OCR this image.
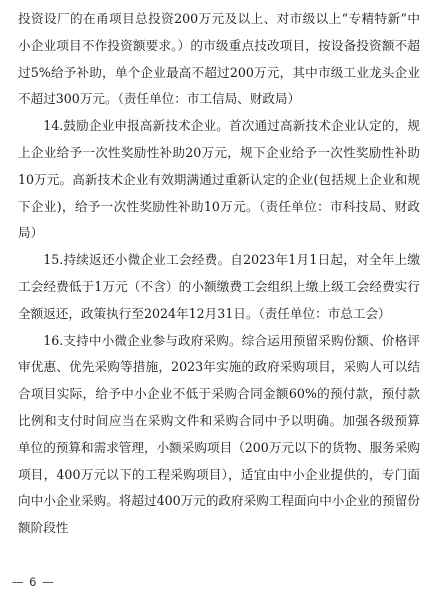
投资设厂的在甬项目总投资200万元及以上、对市级以上“专精特新”中小企业项目不作投资额要求。）的市级重点技改项目，按设备投资额不超过5%给予补助，单个企业最高不超过200万元，其中市级工业龙头企业不超过300万元。（责任单位：市工信局、财政局）

14.鼓励企业申报高新技术企业。首次通过高新技术企业认定的，规上企业给予一次性奖励性补助20万元，规下企业给予一次性奖励性补助10万元。高新技术企业有效期满通过重新认定的企业(包括规上企业和规下企业)，给予一次性奖励性补助10万元。（责任单位：市科技局、财政局）

15.持续返还小微企业工会经费。自2023年1月1日起，对全年上缴工会经费低于1万元（不含）的小额缴费工会组织上缴上级工会经费实行全额返还，政策执行至2024年12月31日。（责任单位：市总工会）

16.支持中小微企业参与政府采购。综合运用预留采购份额、价格评审优惠、优先采购等措施，2023年实施的政府采购项目，采购人可以结合项目实际，给予中小企业不低于采购合同金额60%的预付款，预付款比例和支付时间应当在采购文件和采购合同中予以明确。加强各级预算单位的预算和需求管理，小额采购项目（200万元以下的货物、服务采购项目，400万元以下的工程采购项目），适宜由中小企业提供的，专门面向中小企业采购。将超过400万元的政府采购工程面向中小企业的预留份额阶段性

— 6 —
